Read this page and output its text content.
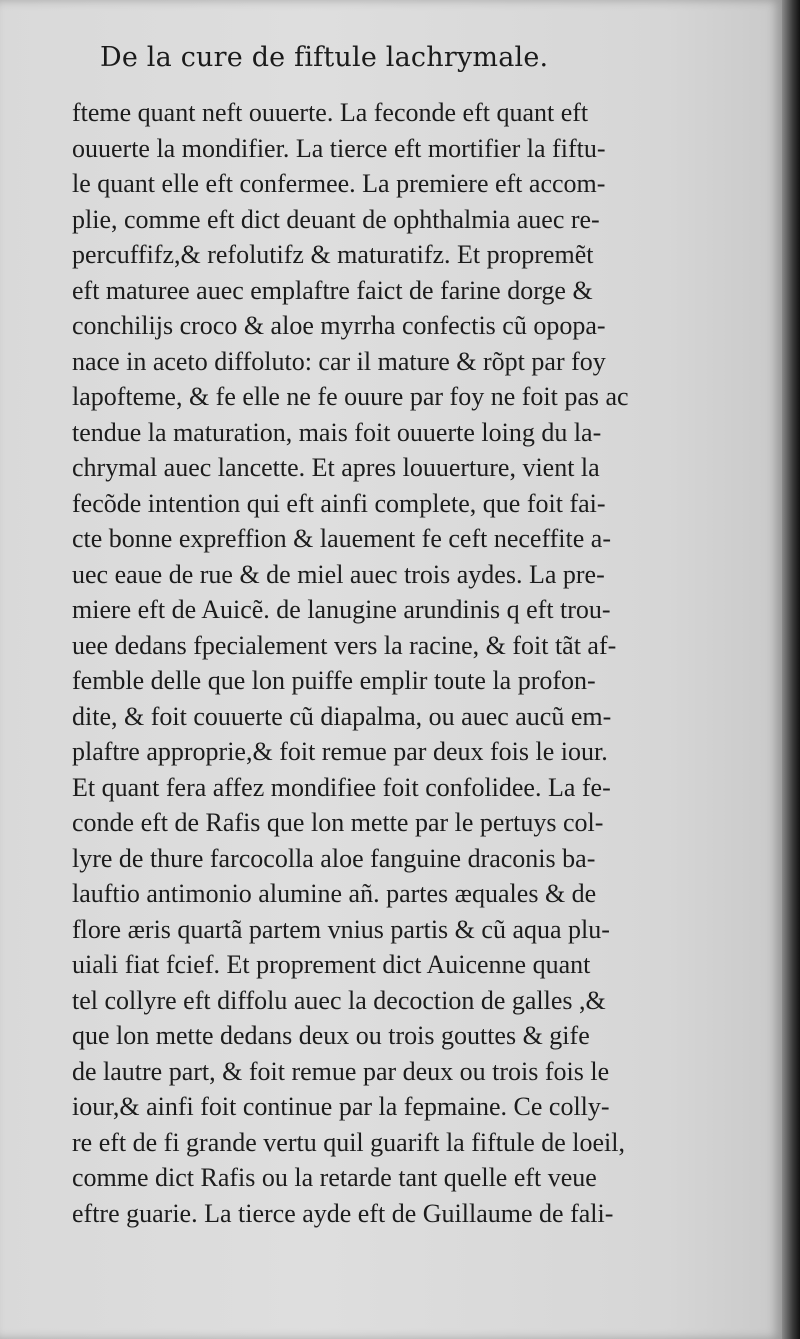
De la cure de fiftule lachrymale.
fteme quant neft ouuerte. La feconde eft quant eft
ouuerte la mondifier. La tierce eft mortifier la fiftu-
le quant elle eft confermee. La premiere eft accom-
plie, comme eft dict deuant de ophthalmia auec re-
percuffifz,& refolutifz & maturatifz. Et propremẽt
eft maturee auec emplaftre faict de farine dorge &
conchilijs croco & aloe myrrha confectis cũ opopa-
nace in aceto diffoluto: car il mature & rõpt par foy
lapofteme, & fe elle ne fe ouure par foy ne foit pas ac
tendue la maturation, mais foit ouuerte loing du la-
chrymal auec lancette. Et apres louuerture, vient la
fecõde intention qui eft ainfi complete, que foit fai-
cte bonne expreffion & lauement fe ceft neceffite a-
uec eaue de rue & de miel auec trois aydes. La pre-
miere eft de Auicẽ. de lanugine arundinis q eft trou-
uee dedans fpecialement vers la racine, & foit tãt af-
femble delle que lon puiffe emplir toute la profon-
dite, & foit couuerte cũ diapalma, ou auec aucũ em-
plaftre approprie,& foit remue par deux fois le iour.
Et quant fera affez mondifiee foit confolidee. La fe-
conde eft de Rafis que lon mette par le pertuys col-
lyre de thure farcocolla aloe fanguine draconis ba-
lauftio antimonio alumine añ. partes æquales & de
flore æris quartã partem vnius partis & cũ aqua plu-
uiali fiat fcief. Et proprement dict Auicenne quant
tel collyre eft diffolu auec la decoction de galles ,&
que lon mette dedans deux ou trois gouttes & gife
de lautre part, & foit remue par deux ou trois fois le
iour,& ainfi foit continue par la fepmaine. Ce colly-
re eft de fi grande vertu quil guarift la fiftule de loeil,
comme dict Rafis ou la retarde tant quelle eft veue
eftre guarie. La tierce ayde eft de Guillaume de fali-
